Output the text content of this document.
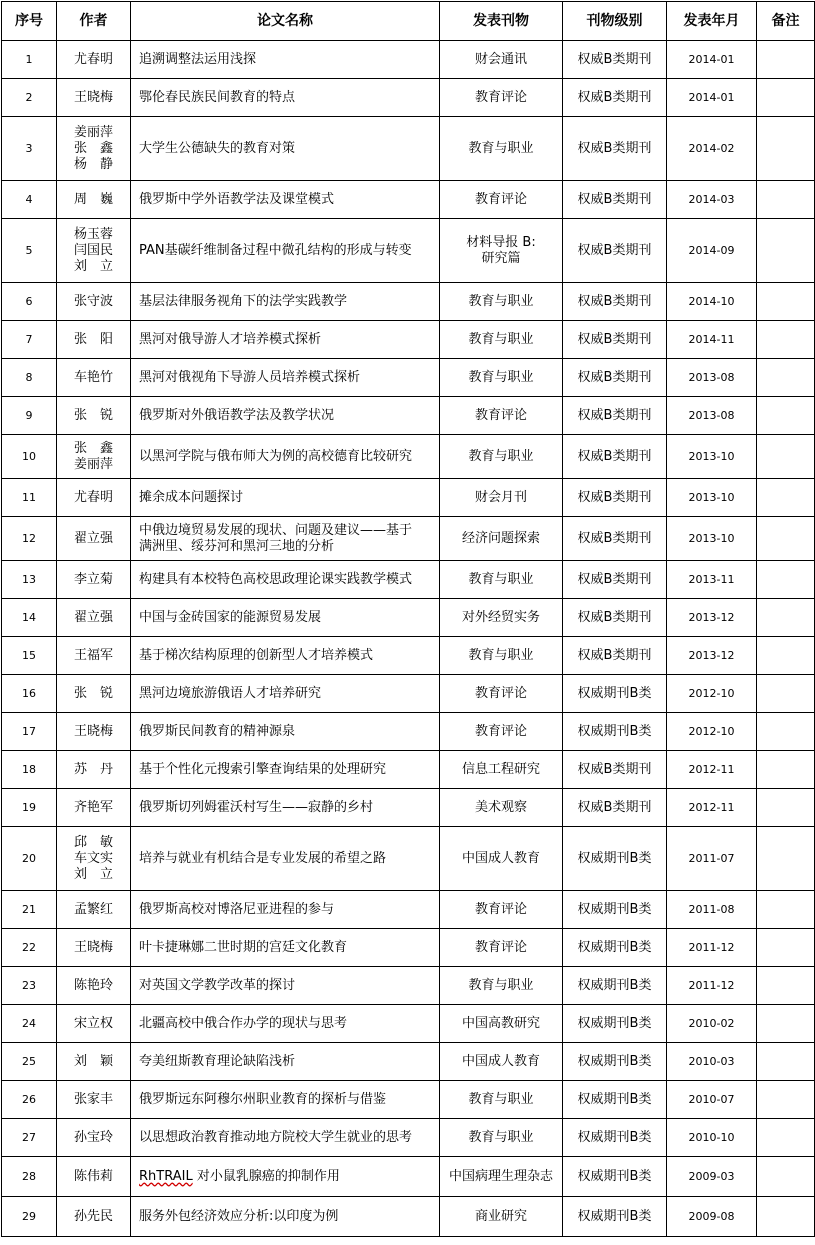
序号	作者	论文名称	发表刊物	刊物级别	发表年月	备注
1	尤春明	追溯调整法运用浅探	财会通讯	权威B类期刊	2014-01	
2	王晓梅	鄂伦春民族民间教育的特点	教育评论	权威B类期刊	2014-01	
3	姜丽萍
张　鑫
杨　静	大学生公德缺失的教育对策	教育与职业	权威B类期刊	2014-02	
4	周　巍	俄罗斯中学外语教学法及课堂模式	教育评论	权威B类期刊	2014-03	
5	杨玉蓉
闫国民
刘　立	PAN基碳纤维制备过程中微孔结构的形成与转变	材料导报 B:
研究篇	权威B类期刊	2014-09	
6	张守波	基层法律服务视角下的法学实践教学	教育与职业	权威B类期刊	2014-10	
7	张　阳	黑河对俄导游人才培养模式探析	教育与职业	权威B类期刊	2014-11	
8	车艳竹	黑河对俄视角下导游人员培养模式探析	教育与职业	权威B类期刊	2013-08	
9	张　锐	俄罗斯对外俄语教学法及教学状况	教育评论	权威B类期刊	2013-08	
10	张　鑫
姜丽萍	以黑河学院与俄布师大为例的高校德育比较研究	教育与职业	权威B类期刊	2013-10	
11	尤春明	摊余成本问题探讨	财会月刊	权威B类期刊	2013-10	
12	翟立强	中俄边境贸易发展的现状、问题及建议——基于
满洲里、绥芬河和黑河三地的分析	经济问题探索	权威B类期刊	2013-10	
13	李立菊	构建具有本校特色高校思政理论课实践教学模式	教育与职业	权威B类期刊	2013-11	
14	翟立强	中国与金砖国家的能源贸易发展	对外经贸实务	权威B类期刊	2013-12	
15	王福军	基于梯次结构原理的创新型人才培养模式	教育与职业	权威B类期刊	2013-12	
16	张　锐	黑河边境旅游俄语人才培养研究	教育评论	权威期刊B类	2012-10	
17	王晓梅	俄罗斯民间教育的精神源泉	教育评论	权威期刊B类	2012-10	
18	苏　丹	基于个性化元搜索引擎查询结果的处理研究	信息工程研究	权威B类期刊	2012-11	
19	齐艳军	俄罗斯切列姆霍沃村写生——寂静的乡村	美术观察	权威B类期刊	2012-11	
20	邱　敏
车文实
刘　立	培养与就业有机结合是专业发展的希望之路	中国成人教育	权威期刊B类	2011-07	
21	孟繁红	俄罗斯高校对博洛尼亚进程的参与	教育评论	权威期刊B类	2011-08	
22	王晓梅	叶卡捷琳娜二世时期的宫廷文化教育	教育评论	权威期刊B类	2011-12	
23	陈艳玲	对英国文学教学改革的探讨	教育与职业	权威期刊B类	2011-12	
24	宋立权	北疆高校中俄合作办学的现状与思考	中国高教研究	权威期刊B类	2010-02	
25	刘　颖	夸美纽斯教育理论缺陷浅析	中国成人教育	权威期刊B类	2010-03	
26	张家丰	俄罗斯远东阿穆尔州职业教育的探析与借鉴	教育与职业	权威期刊B类	2010-07	
27	孙宝玲	以思想政治教育推动地方院校大学生就业的思考	教育与职业	权威期刊B类	2010-10	
28	陈伟莉	RhTRAIL 对小鼠乳腺癌的抑制作用	中国病理生理杂志	权威期刊B类	2009-03	
29	孙先民	服务外包经济效应分析:以印度为例	商业研究	权威期刊B类	2009-08	
